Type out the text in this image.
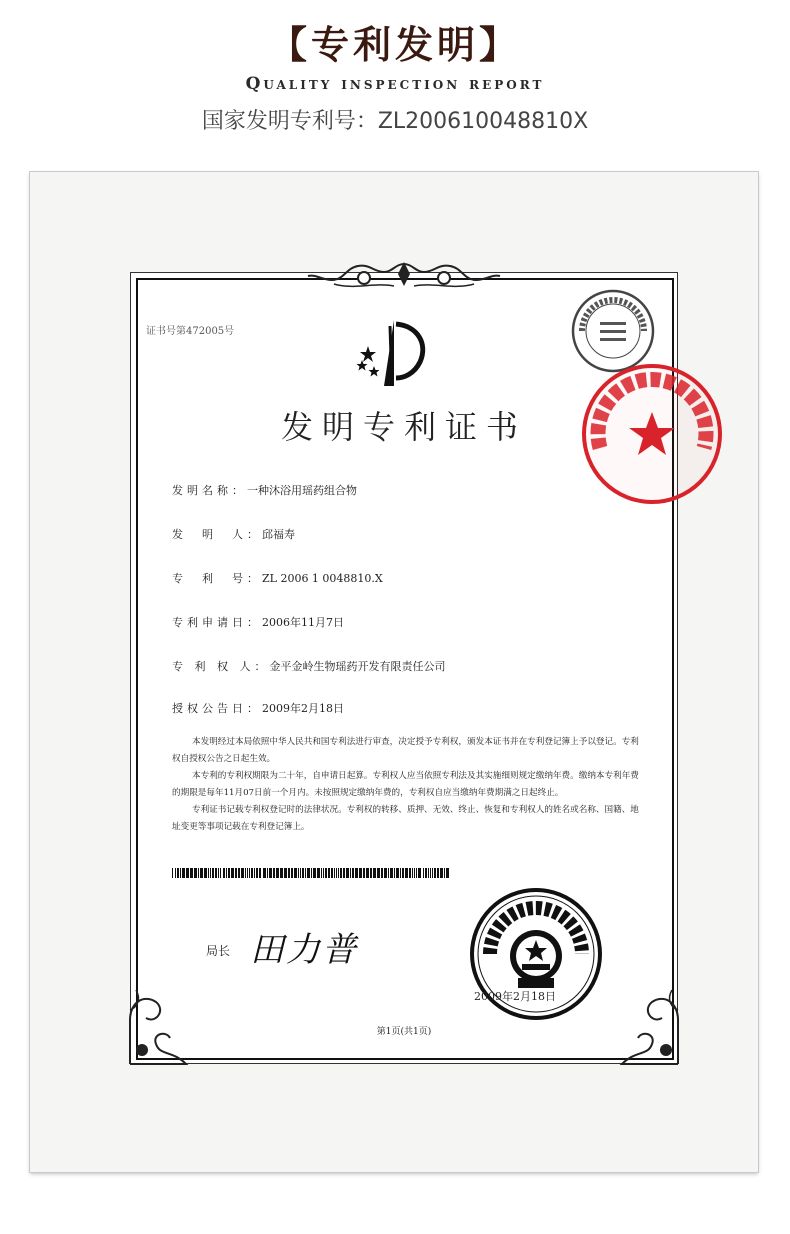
【专利发明】
Quality inspection report
国家发明专利号：ZL200610048810X
证书号第472005号
发明专利证书
发明名称：一种沐浴用瑶药组合物
发　明　人：邱福寿
专　利　号：ZL 2006 1 0048810.X
专利申请日：2006年11月7日
专 利 权 人：金平金岭生物瑶药开发有限责任公司
授权公告日：2009年2月18日

本发明经过本局依照中华人民共和国专利法进行审查，决定授予专利权，颁发本证书并在专利登记簿上予以登记。专利权自授权公告之日起生效。

本专利的专利权期限为二十年，自申请日起算。专利权人应当依照专利法及其实施细则规定缴纳年费。缴纳本专利年费的期限是每年11月07日前一个月内。未按照规定缴纳年费的，专利权自应当缴纳年费期满之日起终止。

专利证书记载专利权登记时的法律状况。专利权的转移、质押、无效、终止、恢复和专利权人的姓名或名称、国籍、地址变更等事项记载在专利登记簿上。

局长 田力普
2009年2月18日
第1页(共1页)
